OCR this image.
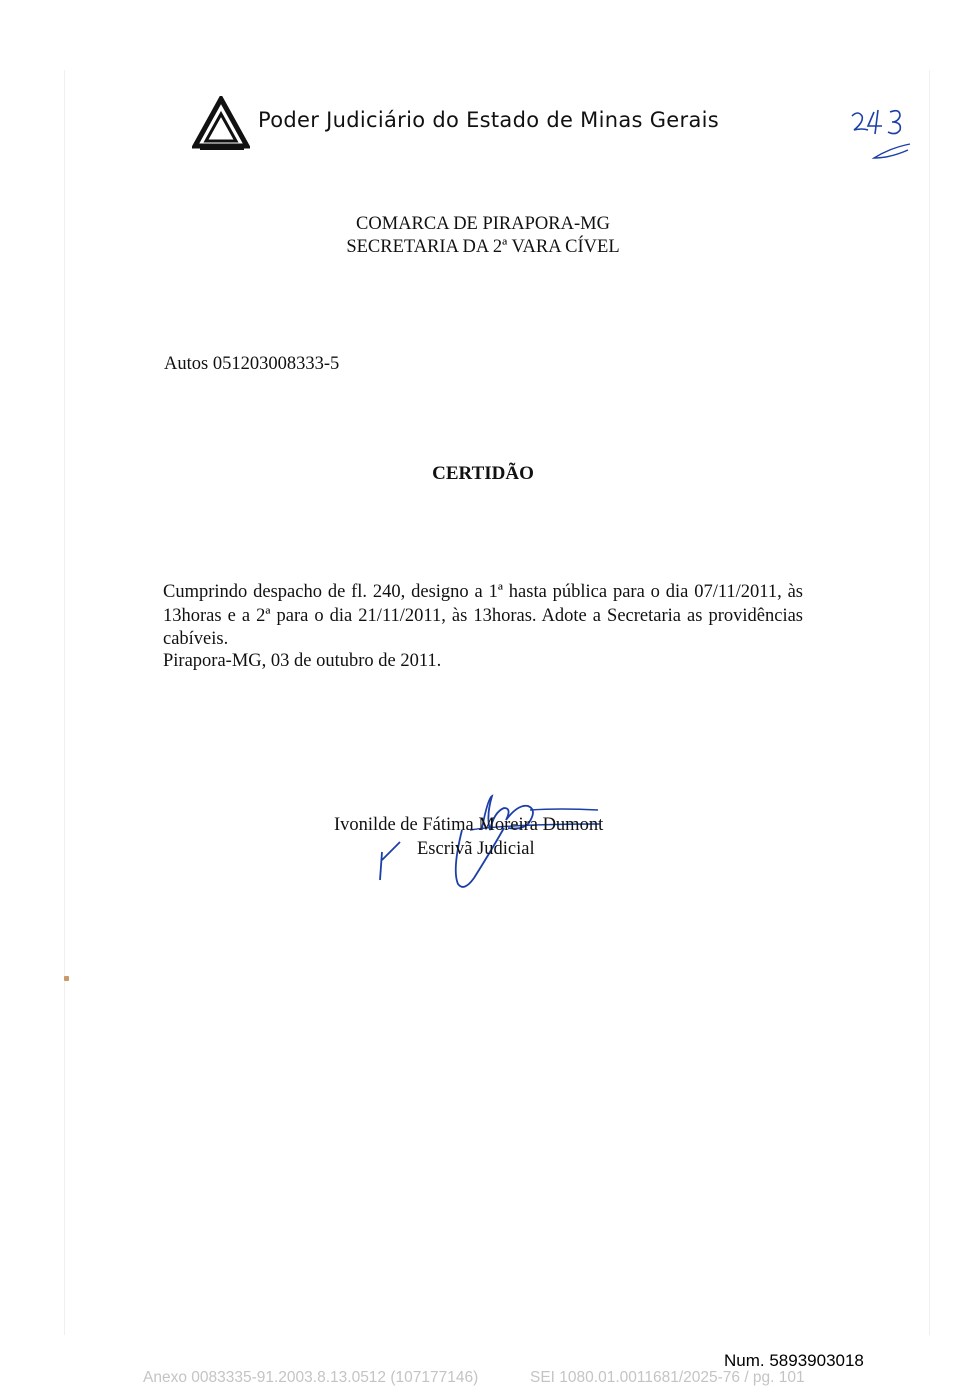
Poder Judiciário do Estado de Minas Gerais
COMARCA DE PIRAPORA-MG
SECRETARIA DA 2ª VARA CÍVEL
Autos 051203008333-5
CERTIDÃO

Cumprindo despacho de fl. 240, designo a 1ª hasta pública para o dia 07/11/2011, às 13horas e a 2ª para o dia 21/11/2011, às 13horas. Adote a Secretaria as providências cabíveis.

Pirapora-MG, 03 de outubro de 2011.
Ivonilde de Fátima Moreira Dumont
Escrivã Judicial
Num. 5893903018
Anexo 0083335-91.2003.8.13.0512 (107177146)	SEI 1080.01.0011681/2025-76 / pg. 101
